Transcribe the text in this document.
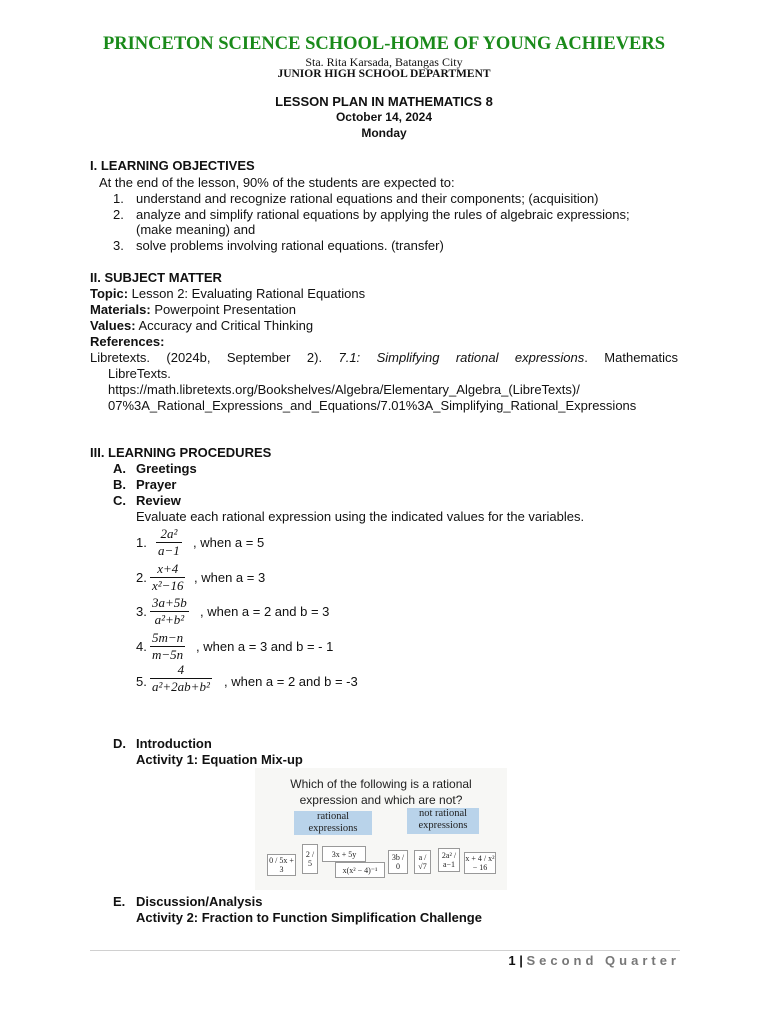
PRINCETON SCIENCE SCHOOL-HOME OF YOUNG ACHIEVERS
Sta. Rita Karsada, Batangas City
JUNIOR HIGH SCHOOL DEPARTMENT
LESSON PLAN IN MATHEMATICS 8
October 14, 2024
Monday
I. LEARNING OBJECTIVES
At the end of the lesson, 90% of the students are expected to:
1. understand and recognize rational equations and their components; (acquisition)
2. analyze and simplify rational equations by applying the rules of algebraic expressions;
(make meaning) and
3. solve problems involving rational equations. (transfer)
II. SUBJECT MATTER
Topic: Lesson 2: Evaluating Rational Equations
Materials: Powerpoint Presentation
Values: Accuracy and Critical Thinking
References:
Libretexts. (2024b, September 2). 7.1: Simplifying rational expressions. Mathematics
LibreTexts.
https://math.libretexts.org/Bookshelves/Algebra/Elementary_Algebra_(LibreTexts)/
07%3A_Rational_Expressions_and_Equations/7.01%3A_Simplifying_Rational_Expressions
III. LEARNING PROCEDURES
A. Greetings
B. Prayer
C. Review
Evaluate each rational expression using the indicated values for the variables.
1. $\frac{\text{2a²}}{a-1}$ , when a = 5
2. $\frac{x+4}{\text{x²−16}}$ , when a = 3
3. $\frac{3a+5b}{\text{a²+b²}}$ , when a = 2 and b = 3
4. $\frac{5m-n}{m-5n}$ , when a = 3 and b = - 1
5. $\frac{4}{\text{a²+2ab+b²}}$ , when a = 2 and b = -3
D. Introduction
Activity 1: Equation Mix-up
Which of the following is a rational
expression and which are not?
rational
expressions
not rational
expressions
0 / 5x + 3
2 / 5
3x + 5y
x(x² − 4)⁻¹
3b / 0
a / √7
2a² / a−1
x + 4 / x² − 16
E. Discussion/Analysis
Activity 2: Fraction to Function Simplification Challenge
1 | Second Quarter
